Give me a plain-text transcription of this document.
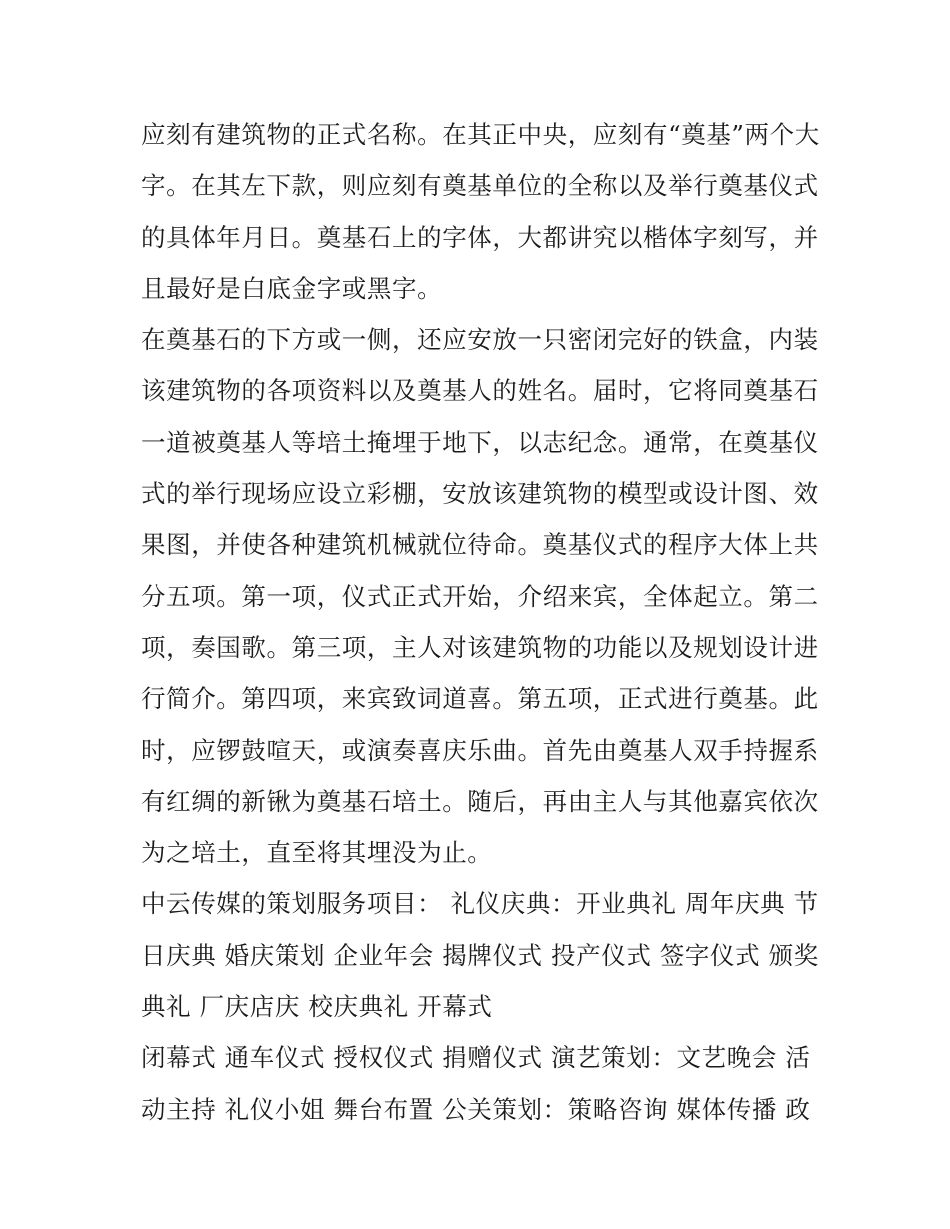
应刻有建筑物的正式名称。在其正中央，应刻有“奠基”两个大
字。在其左下款，则应刻有奠基单位的全称以及举行奠基仪式
的具体年月日。奠基石上的字体，大都讲究以楷体字刻写，并
且最好是白底金字或黑字。
在奠基石的下方或一侧，还应安放一只密闭完好的铁盒，内装
该建筑物的各项资料以及奠基人的姓名。届时，它将同奠基石
一道被奠基人等培土掩埋于地下，以志纪念。通常，在奠基仪
式的举行现场应设立彩棚，安放该建筑物的模型或设计图、效
果图，并使各种建筑机械就位待命。奠基仪式的程序大体上共
分五项。第一项，仪式正式开始，介绍来宾，全体起立。第二
项，奏国歌。第三项，主人对该建筑物的功能以及规划设计进
行简介。第四项，来宾致词道喜。第五项，正式进行奠基。此
时，应锣鼓喧天，或演奏喜庆乐曲。首先由奠基人双手持握系
有红绸的新锹为奠基石培土。随后，再由主人与其他嘉宾依次
为之培土，直至将其埋没为止。
中云传媒的策划服务项目： 礼仪庆典：开业典礼 周年庆典 节
日庆典 婚庆策划 企业年会 揭牌仪式 投产仪式 签字仪式 颁奖
典礼 厂庆店庆 校庆典礼 开幕式
闭幕式 通车仪式 授权仪式 捐赠仪式 演艺策划：文艺晚会 活
动主持 礼仪小姐 舞台布置 公关策划：策略咨询 媒体传播 政
